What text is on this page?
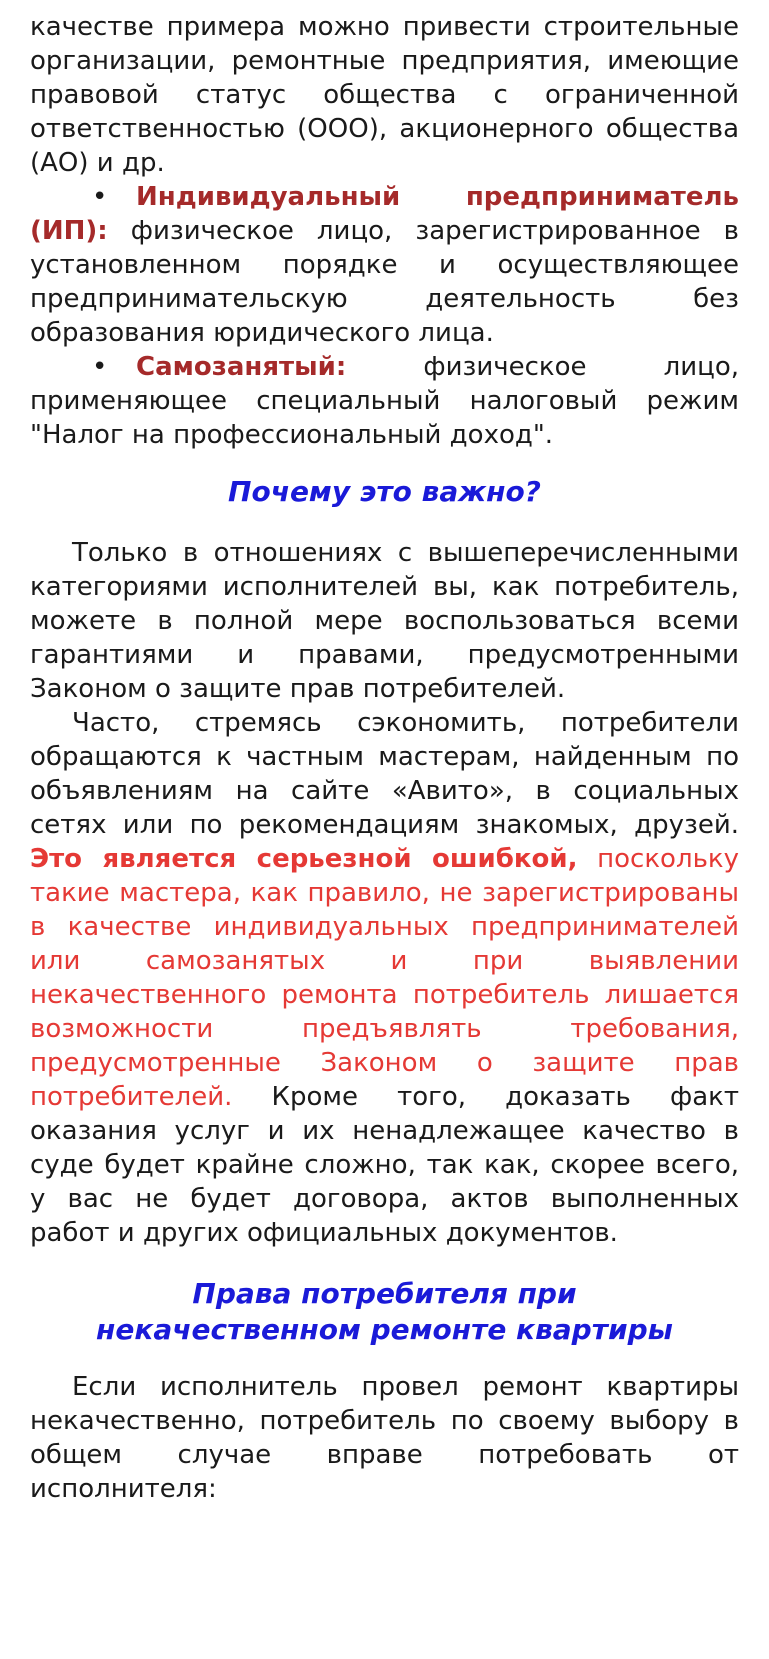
качестве примера можно привести строительные организации, ремонтные предприятия, имеющие правовой статус общества с ограниченной ответственностью (ООО), акционерного общества (АО) и др.

• Индивидуальный предприниматель (ИП): физическое лицо, зарегистрированное в установленном порядке и осуществляющее предпринимательскую деятельность без образования юридического лица.

• Самозанятый: физическое лицо, применяющее специальный налоговый режим "Налог на профессиональный доход".

Почему это важно?

Только в отношениях с вышеперечисленными категориями исполнителей вы, как потребитель, можете в полной мере воспользоваться всеми гарантиями и правами, предусмотренными Законом о защите прав потребителей.

Часто, стремясь сэкономить, потребители обращаются к частным мастерам, найденным по объявлениям на сайте «Авито», в социальных сетях или по рекомендациям знакомых, друзей. Это является серьезной ошибкой, поскольку такие мастера, как правило, не зарегистрированы в качестве индивидуальных предпринимателей или самозанятых и при выявлении некачественного ремонта потребитель лишается возможности предъявлять требования, предусмотренные Законом о защите прав потребителей. Кроме того, доказать факт оказания услуг и их ненадлежащее качество в суде будет крайне сложно, так как, скорее всего, у вас не будет договора, актов выполненных работ и других официальных документов.

Права потребителя при
некачественном ремонте квартиры

Если исполнитель провел ремонт квартиры некачественно, потребитель по своему выбору в общем случае вправе потребовать от исполнителя:
